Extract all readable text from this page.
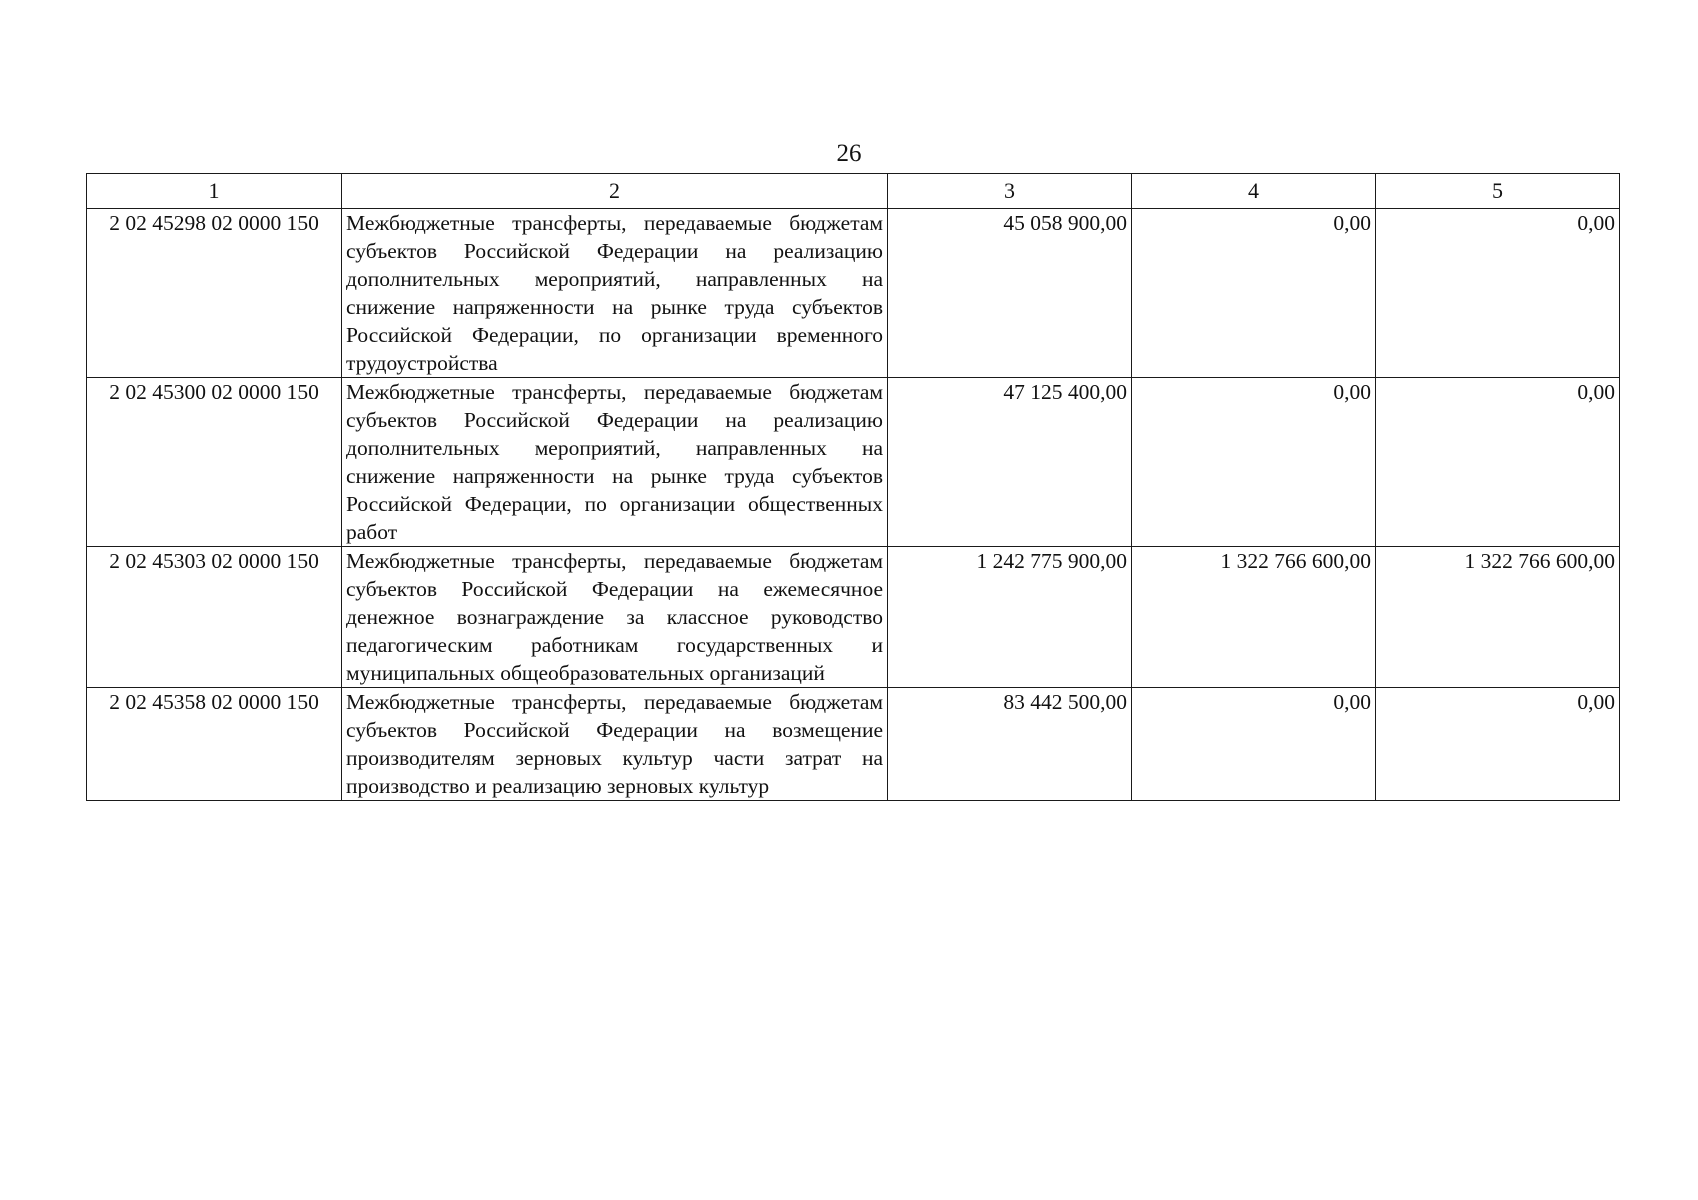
26
1	2	3	4	5
2 02 45298 02 0000 150	Межбюджетные трансферты, передаваемые бюджетам субъектов Российской Федерации на реализацию дополнительных мероприятий, направленных на снижение напряженности на рынке труда субъектов Российской Федерации, по организации временного трудоустройства	45 058 900,00	0,00	0,00
2 02 45300 02 0000 150	Межбюджетные трансферты, передаваемые бюджетам субъектов Российской Федерации на реализацию дополнительных мероприятий, направленных на снижение напряженности на рынке труда субъектов Российской Федерации, по организации общественных работ	47 125 400,00	0,00	0,00
2 02 45303 02 0000 150	Межбюджетные трансферты, передаваемые бюджетам субъектов Российской Федерации на ежемесячное денежное вознаграждение за классное руководство педагогическим работникам государственных и муниципальных общеобразовательных организаций	1 242 775 900,00	1 322 766 600,00	1 322 766 600,00
2 02 45358 02 0000 150	Межбюджетные трансферты, передаваемые бюджетам субъектов Российской Федерации на возмещение производителям зерновых культур части затрат на производство и реализацию зерновых культур	83 442 500,00	0,00	0,00
